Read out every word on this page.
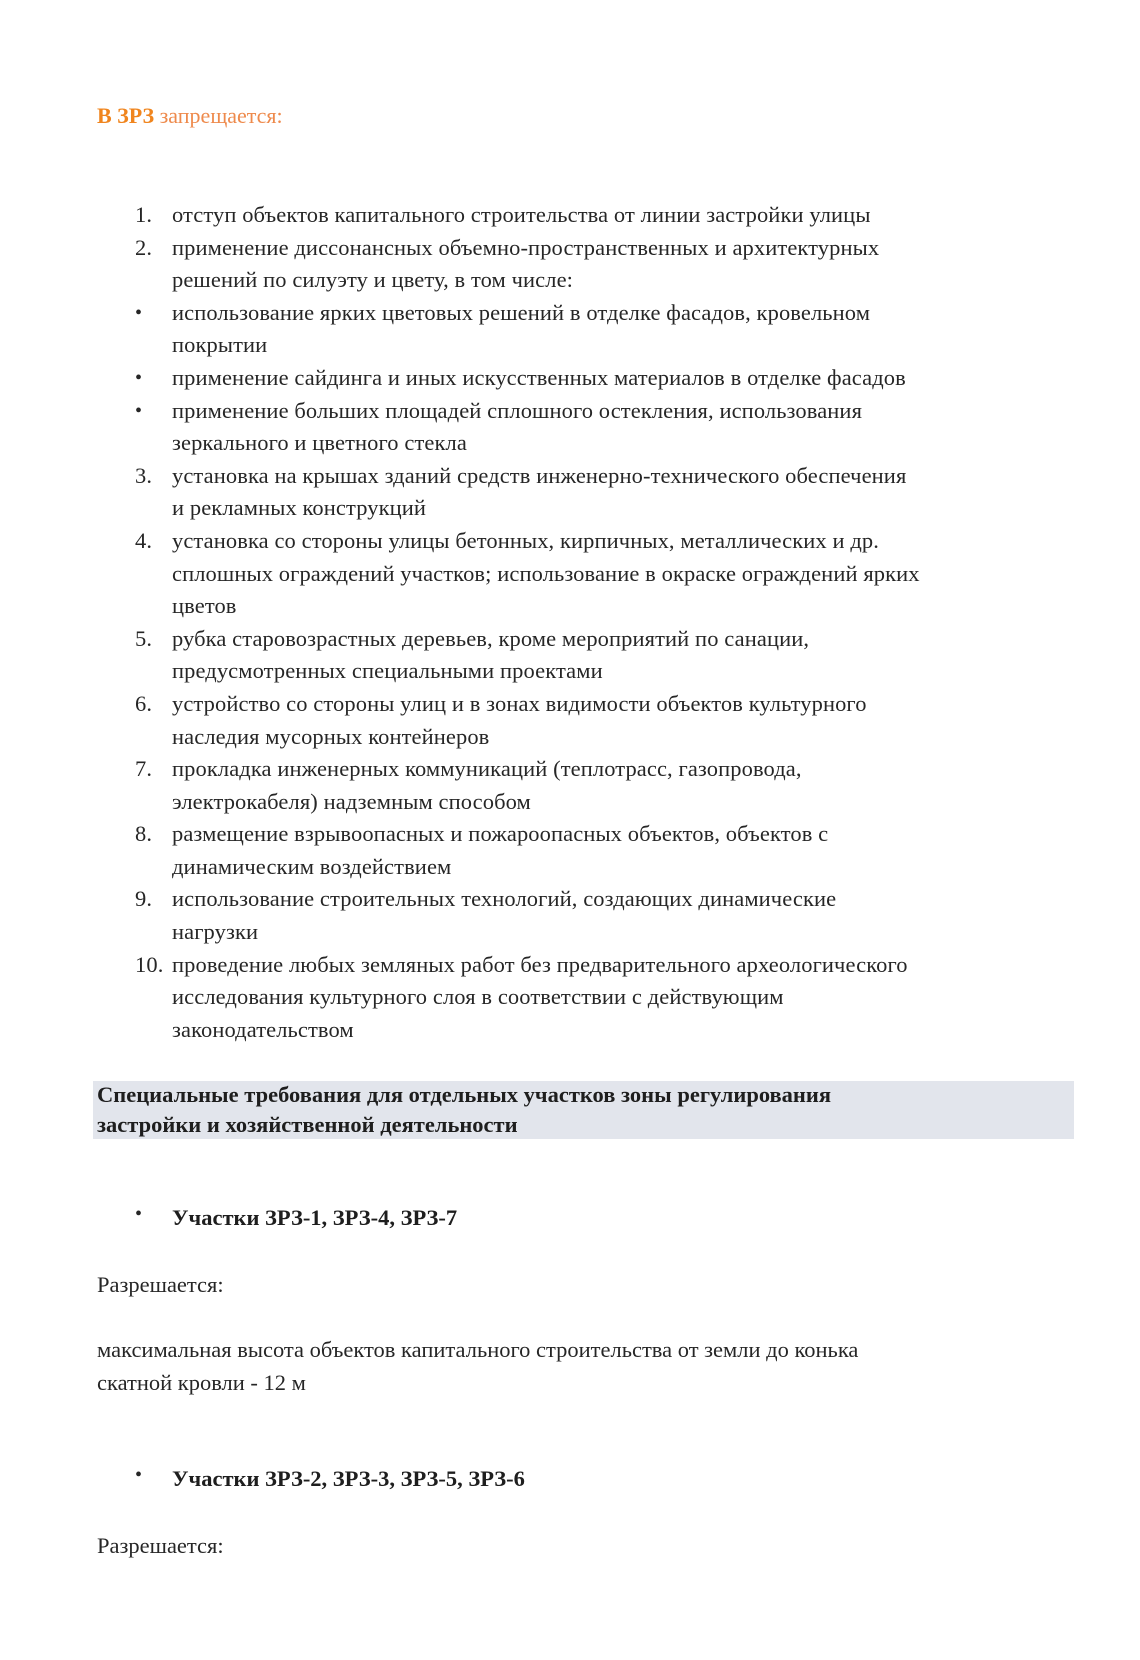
В ЗРЗ запрещается:
1. отступ объектов капитального строительства от линии застройки улицы
2. применение диссонансных объемно-пространственных и архитектурных
решений по силуэту и цвету, в том числе:
• использование ярких цветовых решений в отделке фасадов, кровельном
покрытии
• применение сайдинга и иных искусственных материалов в отделке фасадов
• применение больших площадей сплошного остекления, использования
зеркального и цветного стекла
3. установка на крышах зданий средств инженерно-технического обеспечения
и рекламных конструкций
4. установка со стороны улицы бетонных, кирпичных, металлических и др.
сплошных ограждений участков; использование в окраске ограждений ярких
цветов
5. рубка старовозрастных деревьев, кроме мероприятий по санации,
предусмотренных специальными проектами
6. устройство со стороны улиц и в зонах видимости объектов культурного
наследия мусорных контейнеров
7. прокладка инженерных коммуникаций (теплотрасс, газопровода,
электрокабеля) надземным способом
8. размещение взрывоопасных и пожароопасных объектов, объектов с
динамическим воздействием
9. использование строительных технологий, создающих динамические
нагрузки
10. проведение любых земляных работ без предварительного археологического
исследования культурного слоя в соответствии с действующим
законодательством
Специальные требования для отдельных участков зоны регулирования
застройки и хозяйственной деятельности
• Участки ЗРЗ-1, ЗРЗ-4, ЗРЗ-7
Разрешается:
максимальная высота объектов капитального строительства от земли до конька
скатной кровли - 12 м
• Участки ЗРЗ-2, ЗРЗ-3, ЗРЗ-5, ЗРЗ-6
Разрешается:
